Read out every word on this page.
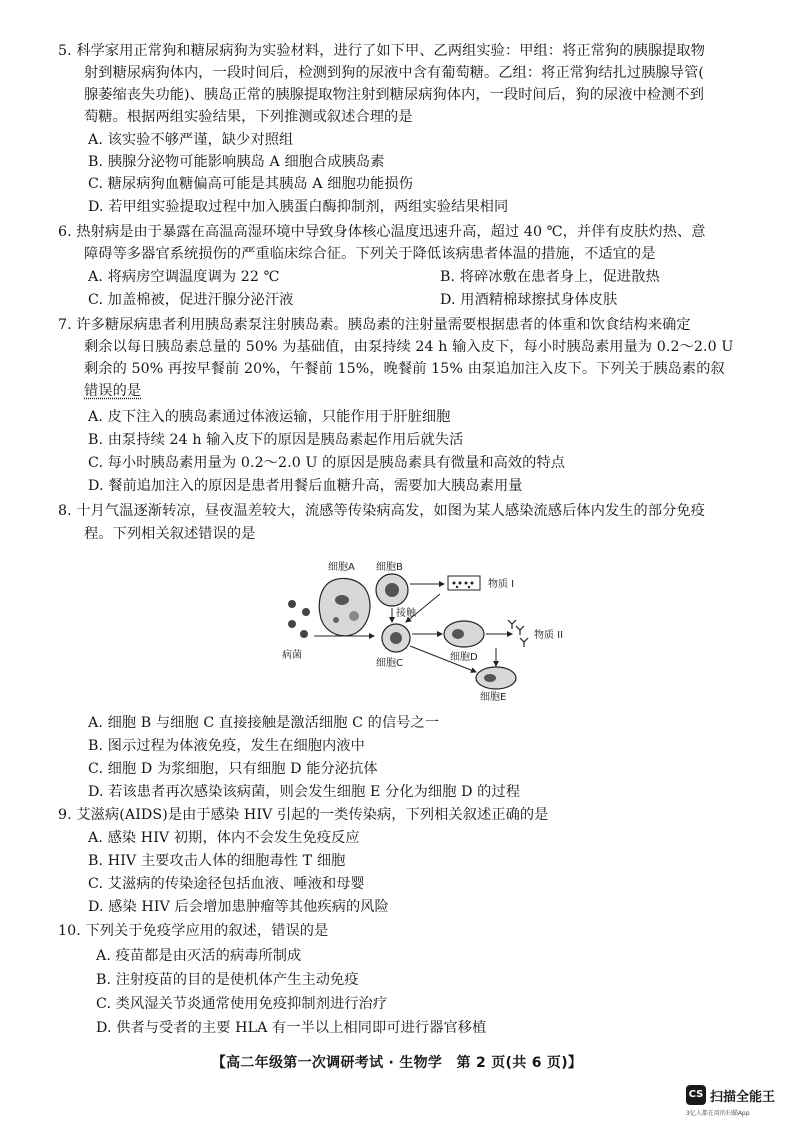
5. 科学家用正常狗和糖尿病狗为实验材料，进行了如下甲、乙两组实验：甲组：将正常狗的胰腺提取物
射到糖尿病狗体内，一段时间后，检测到狗的尿液中含有葡萄糖。乙组：将正常狗结扎过胰腺导管(
腺萎缩丧失功能)、胰岛正常的胰腺提取物注射到糖尿病狗体内，一段时间后，狗的尿液中检测不到
萄糖。根据两组实验结果，下列推测或叙述合理的是
A. 该实验不够严谨，缺少对照组
B. 胰腺分泌物可能影响胰岛 A 细胞合成胰岛素
C. 糖尿病狗血糖偏高可能是其胰岛 A 细胞功能损伤
D. 若甲组实验提取过程中加入胰蛋白酶抑制剂，两组实验结果相同
6. 热射病是由于暴露在高温高湿环境中导致身体核心温度迅速升高，超过 40 ℃，并伴有皮肤灼热、意
障碍等多器官系统损伤的严重临床综合征。下列关于降低该病患者体温的措施，不适宜的是
A. 将病房空调温度调为 22 ℃	B. 将碎冰敷在患者身上，促进散热
C. 加盖棉被，促进汗腺分泌汗液	D. 用酒精棉球擦拭身体皮肤
7. 许多糖尿病患者利用胰岛素泵注射胰岛素。胰岛素的注射量需要根据患者的体重和饮食结构来确定
剩余以每日胰岛素总量的 50% 为基础值，由泵持续 24 h 输入皮下，每小时胰岛素用量为 0.2～2.0 U
剩余的 50% 再按早餐前 20%，午餐前 15%，晚餐前 15% 由泵追加注入皮下。下列关于胰岛素的叙
错误的是
A. 皮下注入的胰岛素通过体液运输，只能作用于肝脏细胞
B. 由泵持续 24 h 输入皮下的原因是胰岛素起作用后就失活
C. 每小时胰岛素用量为 0.2～2.0 U 的原因是胰岛素具有微量和高效的特点
D. 餐前追加注入的原因是患者用餐后血糖升高，需要加大胰岛素用量
8. 十月气温逐渐转凉，昼夜温差较大，流感等传染病高发，如图为某人感染流感后体内发生的部分免疫
程。下列相关叙述错误的是
病菌
细胞A 细胞B
物质 I
接触
细胞C
细胞D
物质 II
细胞E
A. 细胞 B 与细胞 C 直接接触是激活细胞 C 的信号之一
B. 图示过程为体液免疫，发生在细胞内液中
C. 细胞 D 为浆细胞，只有细胞 D 能分泌抗体
D. 若该患者再次感染该病菌，则会发生细胞 E 分化为细胞 D 的过程
9. 艾滋病(AIDS)是由于感染 HIV 引起的一类传染病，下列相关叙述正确的是
A. 感染 HIV 初期，体内不会发生免疫反应
B. HIV 主要攻击人体的细胞毒性 T 细胞
C. 艾滋病的传染途径包括血液、唾液和母婴
D. 感染 HIV 后会增加患肿瘤等其他疾病的风险
10. 下列关于免疫学应用的叙述，错误的是
A. 疫苗都是由灭活的病毒所制成
B. 注射疫苗的目的是使机体产生主动免疫
C. 类风湿关节炎通常使用免疫抑制剂进行治疗
D. 供者与受者的主要 HLA 有一半以上相同即可进行器官移植
【高二年级第一次调研考试 · 生物学　第 2 页(共 6 页)】
CS 扫描全能王
3亿人都在用的扫描App
